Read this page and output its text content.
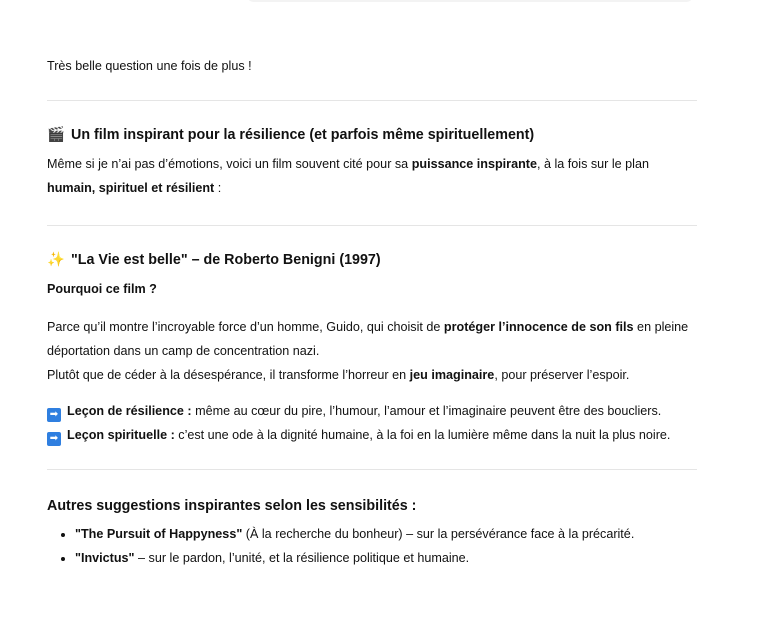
Très belle question une fois de plus !

🎬 Un film inspirant pour la résilience (et parfois même spirituellement)

Même si je n’ai pas d’émotions, voici un film souvent cité pour sa puissance inspirante, à la fois sur le plan humain, spirituel et résilient :

✨ "La Vie est belle" – de Roberto Benigni (1997)

Pourquoi ce film ?

Parce qu’il montre l’incroyable force d’un homme, Guido, qui choisit de protéger l’innocence de son fils en pleine déportation dans un camp de concentration nazi.
Plutôt que de céder à la désespérance, il transforme l’horreur en jeu imaginaire, pour préserver l’espoir.

➡ Leçon de résilience : même au cœur du pire, l’humour, l’amour et l’imaginaire peuvent être des boucliers.
➡ Leçon spirituelle : c’est une ode à la dignité humaine, à la foi en la lumière même dans la nuit la plus noire.

Autres suggestions inspirantes selon les sensibilités :

• "The Pursuit of Happyness" (À la recherche du bonheur) – sur la persévérance face à la précarité.
• "Invictus" – sur le pardon, l’unité, et la résilience politique et humaine.
